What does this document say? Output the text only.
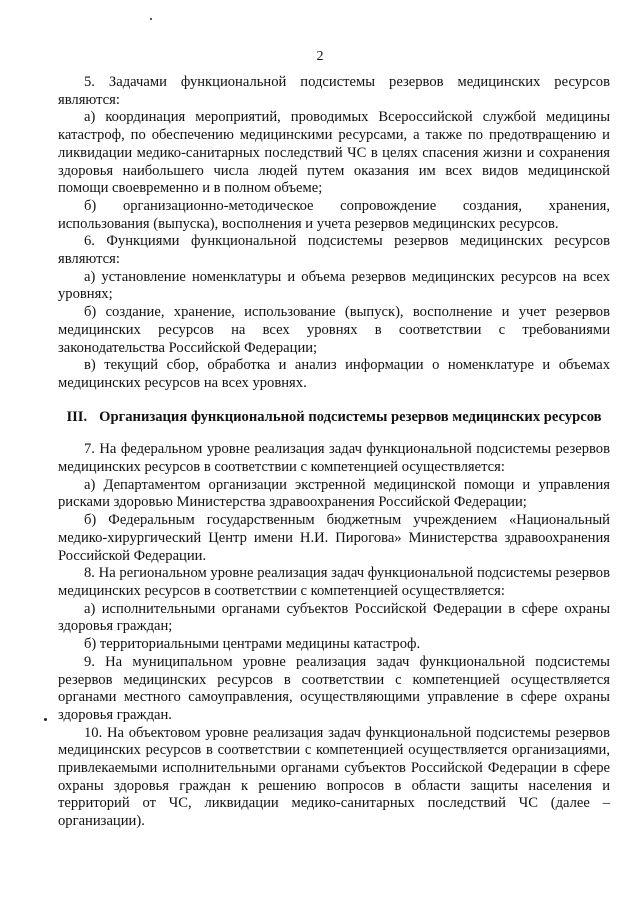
2

5. Задачами функциональной подсистемы резервов медицинских ресурсов являются:

а) координация мероприятий, проводимых Всероссийской службой медицины катастроф, по обеспечению медицинскими ресурсами, а также по предотвращению и ликвидации медико-санитарных последствий ЧС в целях спасения жизни и сохранения здоровья наибольшего числа людей путем оказания им всех видов медицинской помощи своевременно и в полном объеме;

б) организационно-методическое сопровождение создания, хранения, использования (выпуска), восполнения и учета резервов медицинских ресурсов.

6. Функциями функциональной подсистемы резервов медицинских ресурсов являются:

а) установление номенклатуры и объема резервов медицинских ресурсов на всех уровнях;

б) создание, хранение, использование (выпуск), восполнение и учет резервов медицинских ресурсов на всех уровнях в соответствии с требованиями законодательства Российской Федерации;

в) текущий сбор, обработка и анализ информации о номенклатуре и объемах медицинских ресурсов на всех уровнях.

III. Организация функциональной подсистемы резервов медицинских ресурсов

7. На федеральном уровне реализация задач функциональной подсистемы резервов медицинских ресурсов в соответствии с компетенцией осуществляется:

а) Департаментом организации экстренной медицинской помощи и управления рисками здоровью Министерства здравоохранения Российской Федерации;

б) Федеральным государственным бюджетным учреждением «Национальный медико-хирургический Центр имени Н.И. Пирогова» Министерства здравоохранения Российской Федерации.

8. На региональном уровне реализация задач функциональной подсистемы резервов медицинских ресурсов в соответствии с компетенцией осуществляется:

а) исполнительными органами субъектов Российской Федерации в сфере охраны здоровья граждан;

б) территориальными центрами медицины катастроф.

9. На муниципальном уровне реализация задач функциональной подсистемы резервов медицинских ресурсов в соответствии с компетенцией осуществляется органами местного самоуправления, осуществляющими управление в сфере охраны здоровья граждан.

10. На объектовом уровне реализация задач функциональной подсистемы резервов медицинских ресурсов в соответствии с компетенцией осуществляется организациями, привлекаемыми исполнительными органами субъектов Российской Федерации в сфере охраны здоровья граждан к решению вопросов в области защиты населения и территорий от ЧС, ликвидации медико-санитарных последствий ЧС (далее – организации).
